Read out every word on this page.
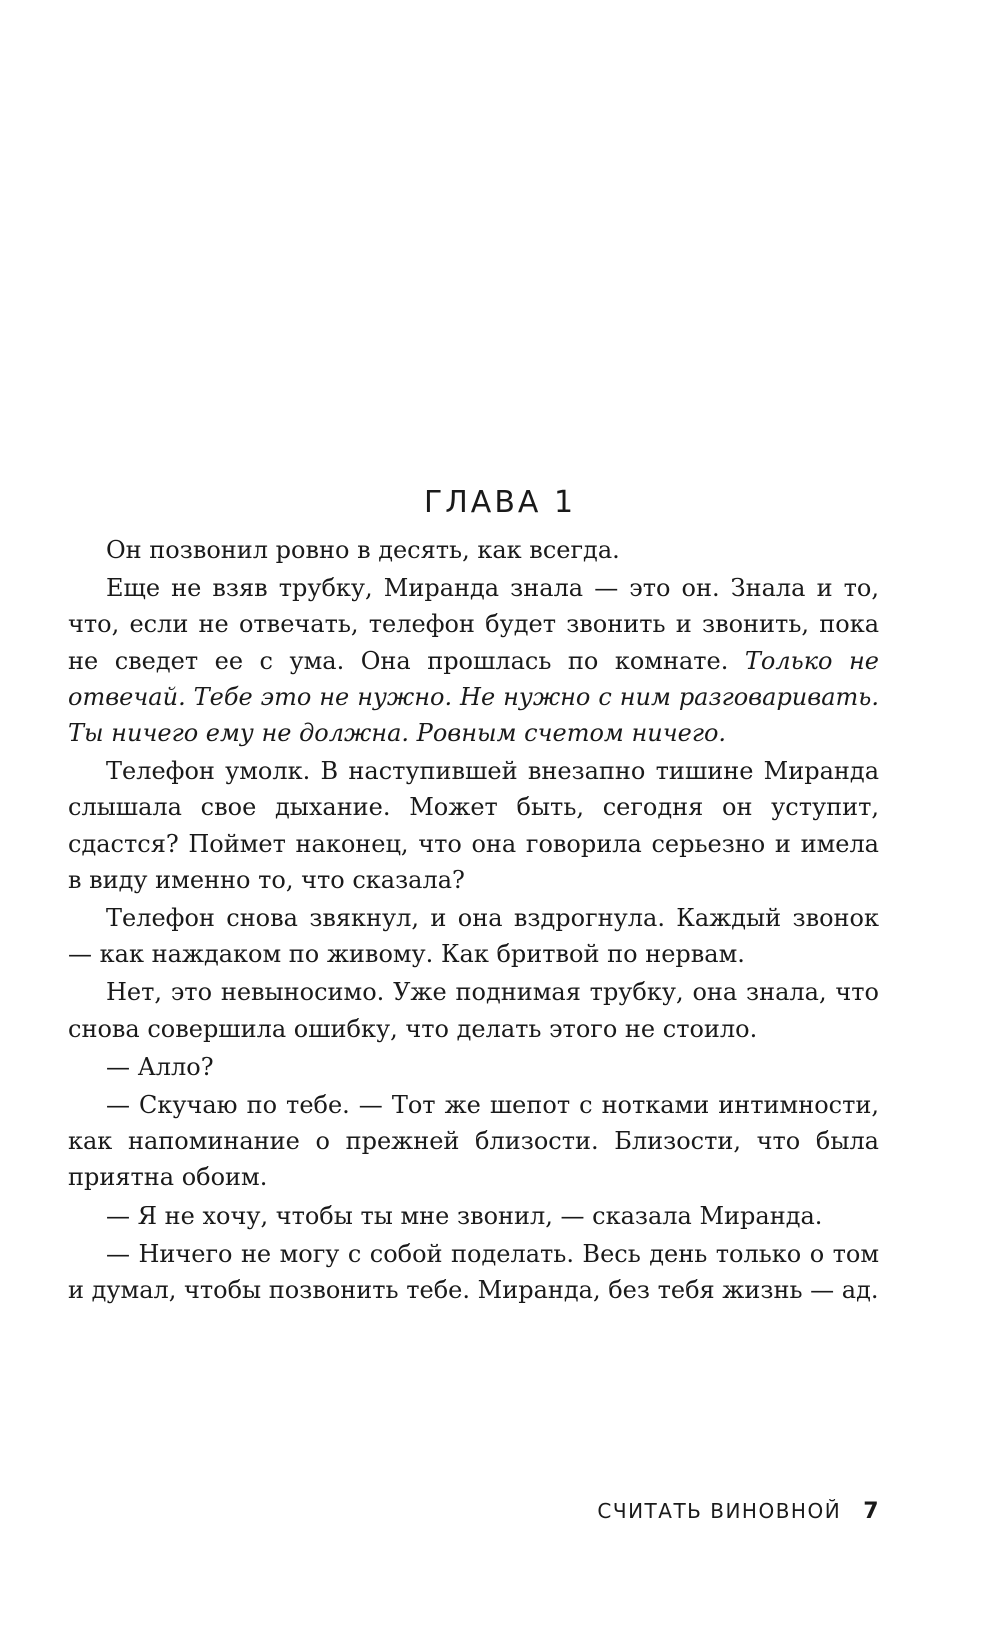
ГЛАВА 1

Он позвонил ровно в десять, как всегда.

Еще не взяв трубку, Миранда знала — это он. Знала и то, что, если не отвечать, телефон будет звонить и звонить, пока не сведет ее с ума. Она прошлась по комнате. Только не отвечай. Тебе это не нужно. Не нужно с ним разговаривать. Ты ничего ему не должна. Ровным счетом ничего.

Телефон умолк. В наступившей внезапно тишине Миранда слышала свое дыхание. Может быть, сегодня он уступит, сдастся? Поймет наконец, что она говорила серьезно и имела в виду именно то, что сказала?

Телефон снова звякнул, и она вздрогнула. Каждый звонок — как наждаком по живому. Как бритвой по нервам.

Нет, это невыносимо. Уже поднимая трубку, она знала, что снова совершила ошибку, что делать этого не стоило.

— Алло?

— Скучаю по тебе. — Тот же шепот с нотками интимности, как напоминание о прежней близости. Близости, что была приятна обоим.

— Я не хочу, чтобы ты мне звонил, — сказала Миранда.

— Ничего не могу с собой поделать. Весь день только о том и думал, чтобы позвонить тебе. Миранда, без тебя жизнь — ад.

СЧИТАТЬ ВИНОВНОЙ 7
